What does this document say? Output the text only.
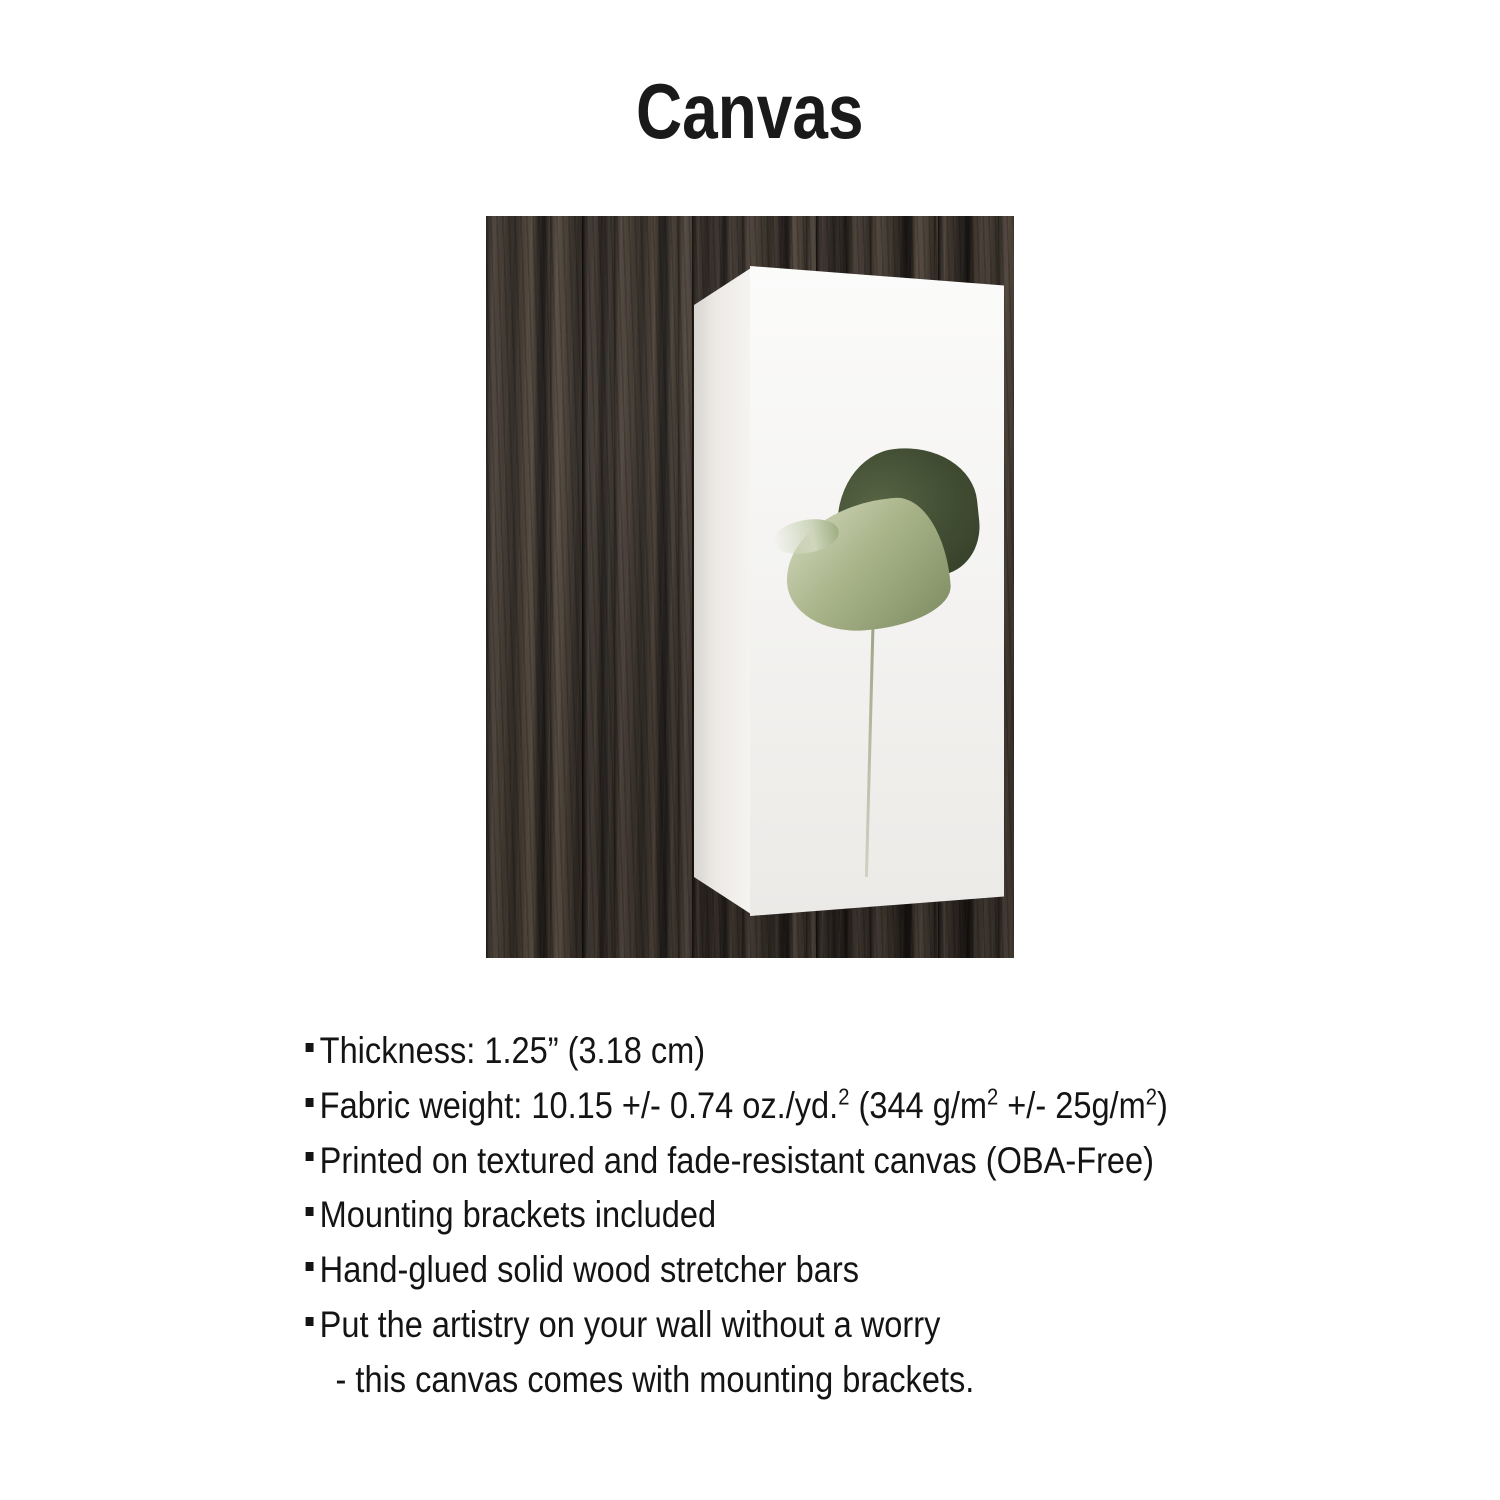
Canvas
Thickness: 1.25” (3.18 cm)
Fabric weight: 10.15 +/- 0.74 oz./yd.$^2$ (344 $g/m^2$ +/- $25g/m^2$)
Printed on textured and fade-resistant canvas (OBA-Free)
Mounting brackets included
Hand-glued solid wood stretcher bars
Put the artistry on your wall without a worry
- this canvas comes with mounting brackets.
